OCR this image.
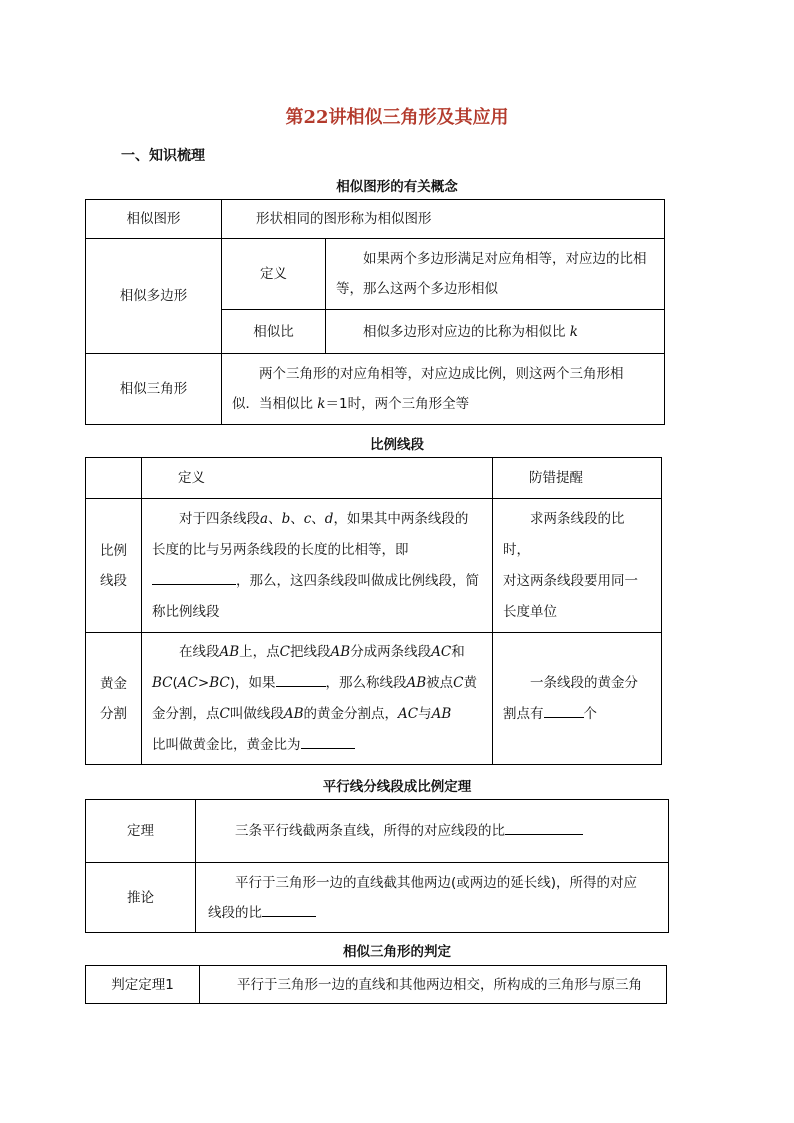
第22讲相似三角形及其应用
一、知识梳理
相似图形的有关概念
相似图形	形状相同的图形称为相似图形	
相似多边形	定义	如果两个多边形满足对应角相等，对应边的比相
等，那么这两个多边形相似
	相似比	相似多边形对应边的比称为相似比 k
相似三角形	两个三角形的对应角相等，对应边成比例，则这两个三角形相
似．当相似比 k＝1时，两个三角形全等	
比例线段
	定义	防错提醒
比例
线段	对于四条线段a、b、c、d，如果其中两条线段的
长度的比与另两条线段的长度的比相等，即
，那么，这四条线段叫做成比例线段，简
称比例线段	求两条线段的比时，
对这两条线段要用同一
长度单位
黄金
分割	在线段AB上，点C把线段AB分成两条线段AC和
BC(AC>BC)，如果 ，那么称线段AB被点C黄
金分割，点C叫做线段AB的黄金分割点，AC与AB
比叫做黄金比，黄金比为	一条线段的黄金分
割点有 个
平行线分线段成比例定理
定理	三条平行线截两条直线，所得的对应线段的比
推论	平行于三角形一边的直线截其他两边(或两边的延长线)，所得的对应
线段的比
相似三角形的判定
判定定理1	平行于三角形一边的直线和其他两边相交，所构成的三角形与原三角
